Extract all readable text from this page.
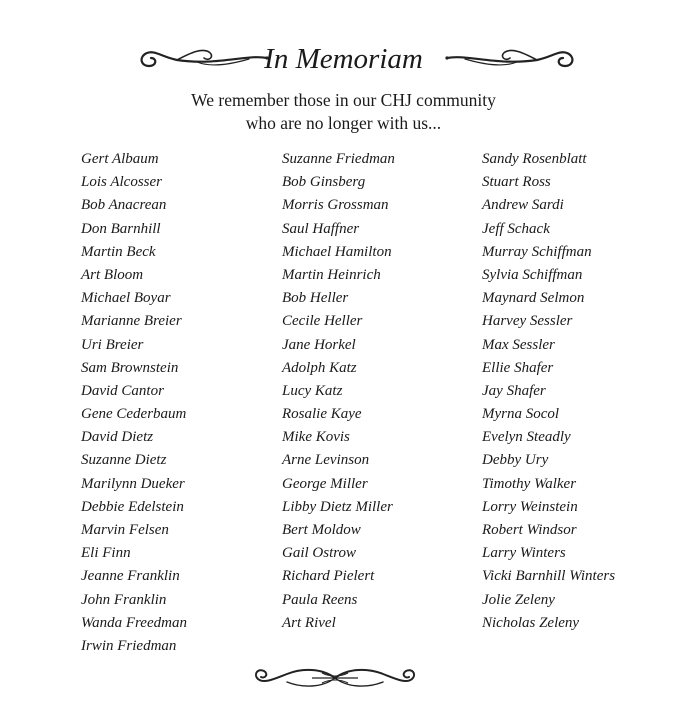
In Memoriam
We remember those in our CHJ community
who are no longer with us...
Gert Albaum
Lois Alcosser
Bob Anacrean
Don Barnhill
Martin Beck
Art Bloom
Michael Boyar
Marianne Breier
Uri Breier
Sam Brownstein
David Cantor
Gene Cederbaum
David Dietz
Suzanne Dietz
Marilynn Dueker
Debbie Edelstein
Marvin Felsen
Eli Finn
Jeanne Franklin
John Franklin
Wanda Freedman
Irwin Friedman
Suzanne Friedman
Bob Ginsberg
Morris Grossman
Saul Haffner
Michael Hamilton
Martin Heinrich
Bob Heller
Cecile Heller
Jane Horkel
Adolph Katz
Lucy Katz
Rosalie Kaye
Mike Kovis
Arne Levinson
George Miller
Libby Dietz Miller
Bert Moldow
Gail Ostrow
Richard Pielert
Paula Reens
Art Rivel
Sandy Rosenblatt
Stuart Ross
Andrew Sardi
Jeff Schack
Murray Schiffman
Sylvia Schiffman
Maynard Selmon
Harvey Sessler
Max Sessler
Ellie Shafer
Jay Shafer
Myrna Socol
Evelyn Steadly
Debby Ury
Timothy Walker
Lorry Weinstein
Robert Windsor
Larry Winters
Vicki Barnhill Winters
Jolie Zeleny
Nicholas Zeleny
